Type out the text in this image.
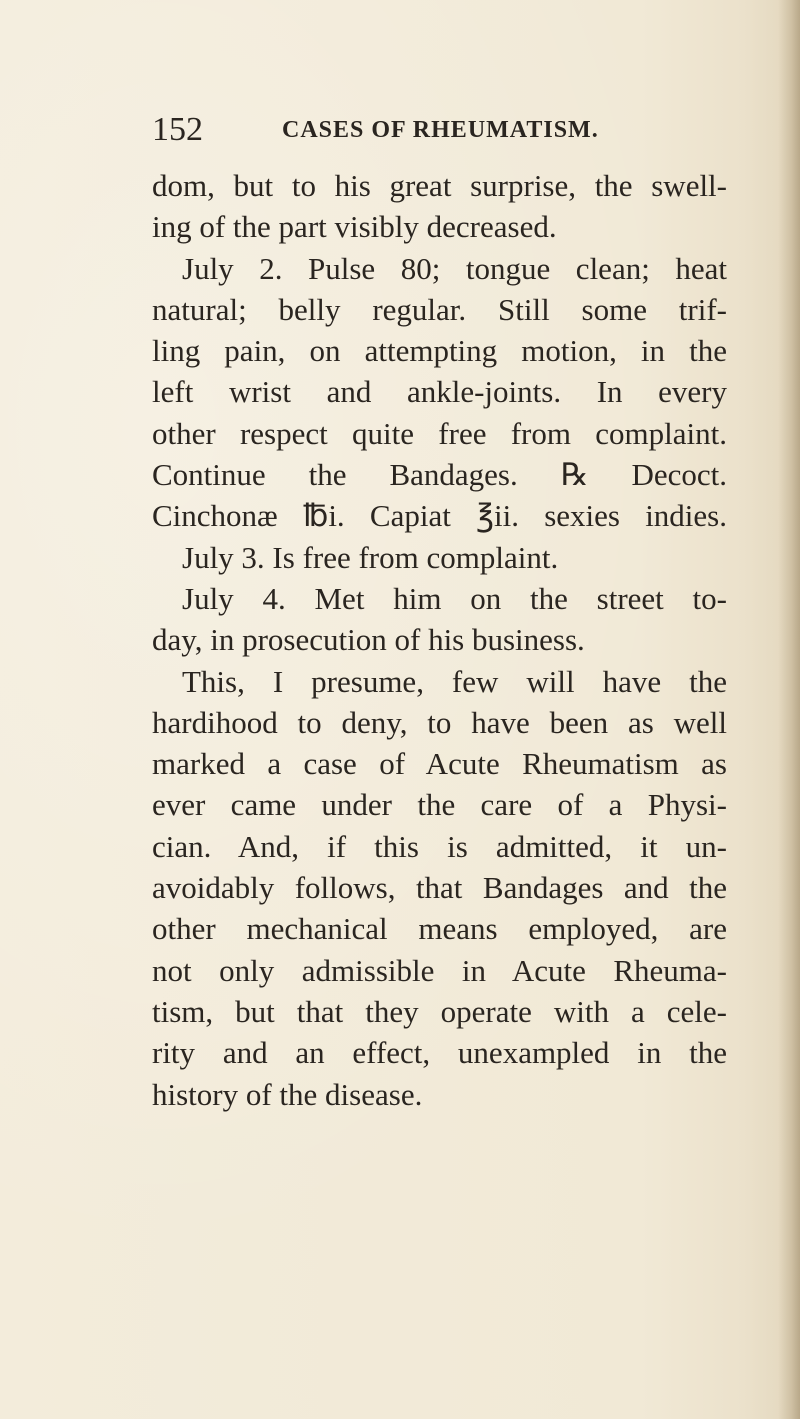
152	CASES OF RHEUMATISM.
dom, but to his great surprise, the swell-
ing of the part visibly decreased.
July 2. Pulse 80; tongue clean; heat
natural; belly regular. Still some trif-
ling pain, on attempting motion, in the
left wrist and ankle-joints. In every
other respect quite free from complaint.
Continue the Bandages. ℞ Decoct.
Cinchonæ ℔i. Capiat ℥ii. sexies indies.
July 3. Is free from complaint.
July 4. Met him on the street to-
day, in prosecution of his business.
This, I presume, few will have the
hardihood to deny, to have been as well
marked a case of Acute Rheumatism as
ever came under the care of a Physi-
cian. And, if this is admitted, it un-
avoidably follows, that Bandages and the
other mechanical means employed, are
not only admissible in Acute Rheuma-
tism, but that they operate with a cele-
rity and an effect, unexampled in the
history of the disease.
